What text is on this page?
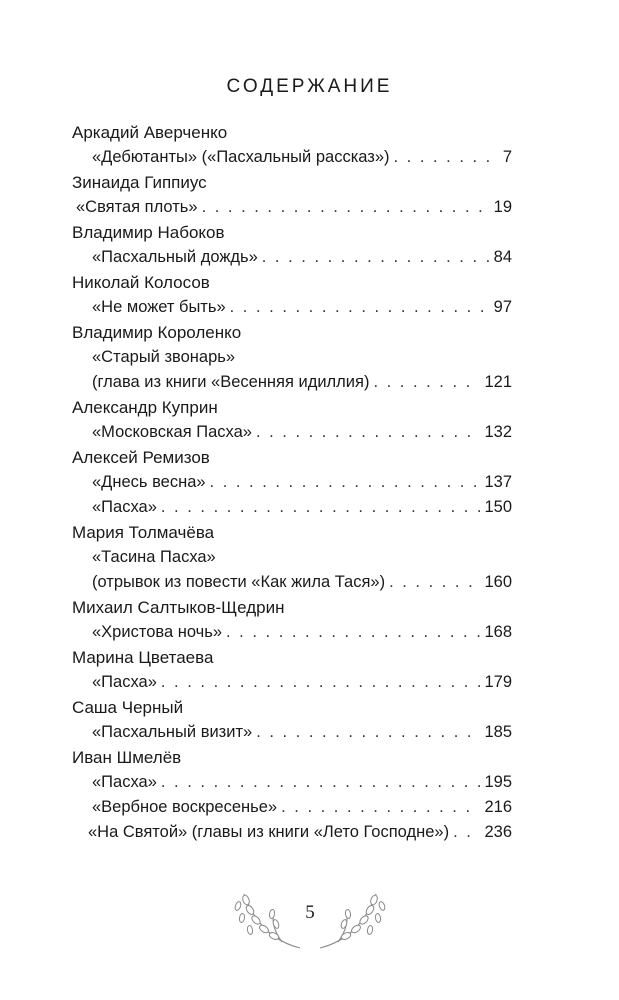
СОДЕРЖАНИЕ
Аркадий Аверченко
«Дебютанты» («Пасхальный рассказ») . . .	7
Зинаида Гиппиус
«Святая плоть» . . .	19
Владимир Набоков
«Пасхальный дождь» . . .	84
Николай Колосов
«Не может быть» . . .	97
Владимир Короленко
«Старый звонарь»
(глава из книги «Весенняя идиллия) . . .	121
Александр Куприн
«Московская Пасха» . . .	132
Алексей Ремизов
«Днесь весна» . . .	137
«Пасха» . . .	150
Мария Толмачёва
«Тасина Пасха»
(отрывок из повести «Как жила Тася») . . .	160
Михаил Салтыков-Щедрин
«Христова ночь» . . .	168
Марина Цветаева
«Пасха» . . .	179
Саша Черный
«Пасхальный визит» . . .	185
Иван Шмелёв
«Пасха» . . .	195
«Вербное воскресенье» . . .	216
«На Святой» (главы из книги «Лето Господне») . . . 236
5
